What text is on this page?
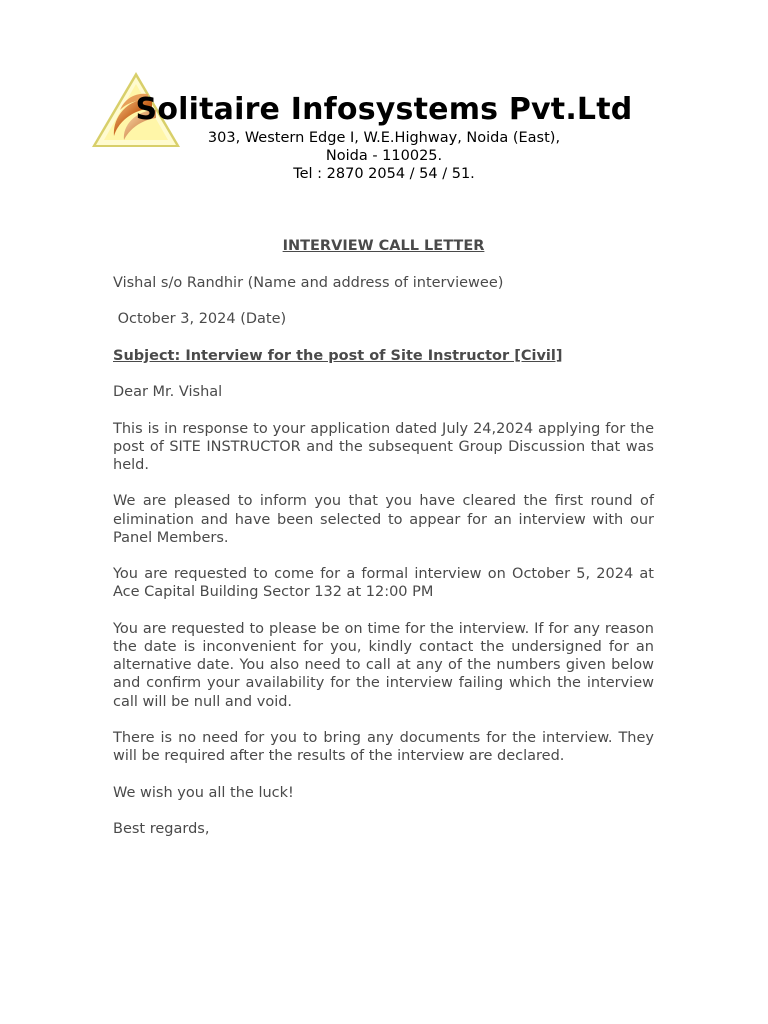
Solitaire Infosystems Pvt.Ltd
303, Western Edge I, W.E.Highway, Noida (East),
Noida - 110025.
Tel : 2870 2054 / 54 / 51.
INTERVIEW CALL LETTER
Vishal s/o Randhir (Name and address of interviewee)
October 3, 2024 (Date)
Subject: Interview for the post of Site Instructor [Civil]
Dear Mr. Vishal
This is in response to your application dated July 24,2024 applying for the post of SITE INSTRUCTOR and the subsequent Group Discussion that was held.
We are pleased to inform you that you have cleared the first round of elimination and have been selected to appear for an interview with our Panel Members.
You are requested to come for a formal interview on October 5, 2024 at Ace Capital Building Sector 132 at 12:00 PM
You are requested to please be on time for the interview. If for any reason the date is inconvenient for you, kindly contact the undersigned for an alternative date. You also need to call at any of the numbers given below and confirm your availability for the interview failing which the interview call will be null and void.
There is no need for you to bring any documents for the interview. They will be required after the results of the interview are declared.
We wish you all the luck!
Best regards,
